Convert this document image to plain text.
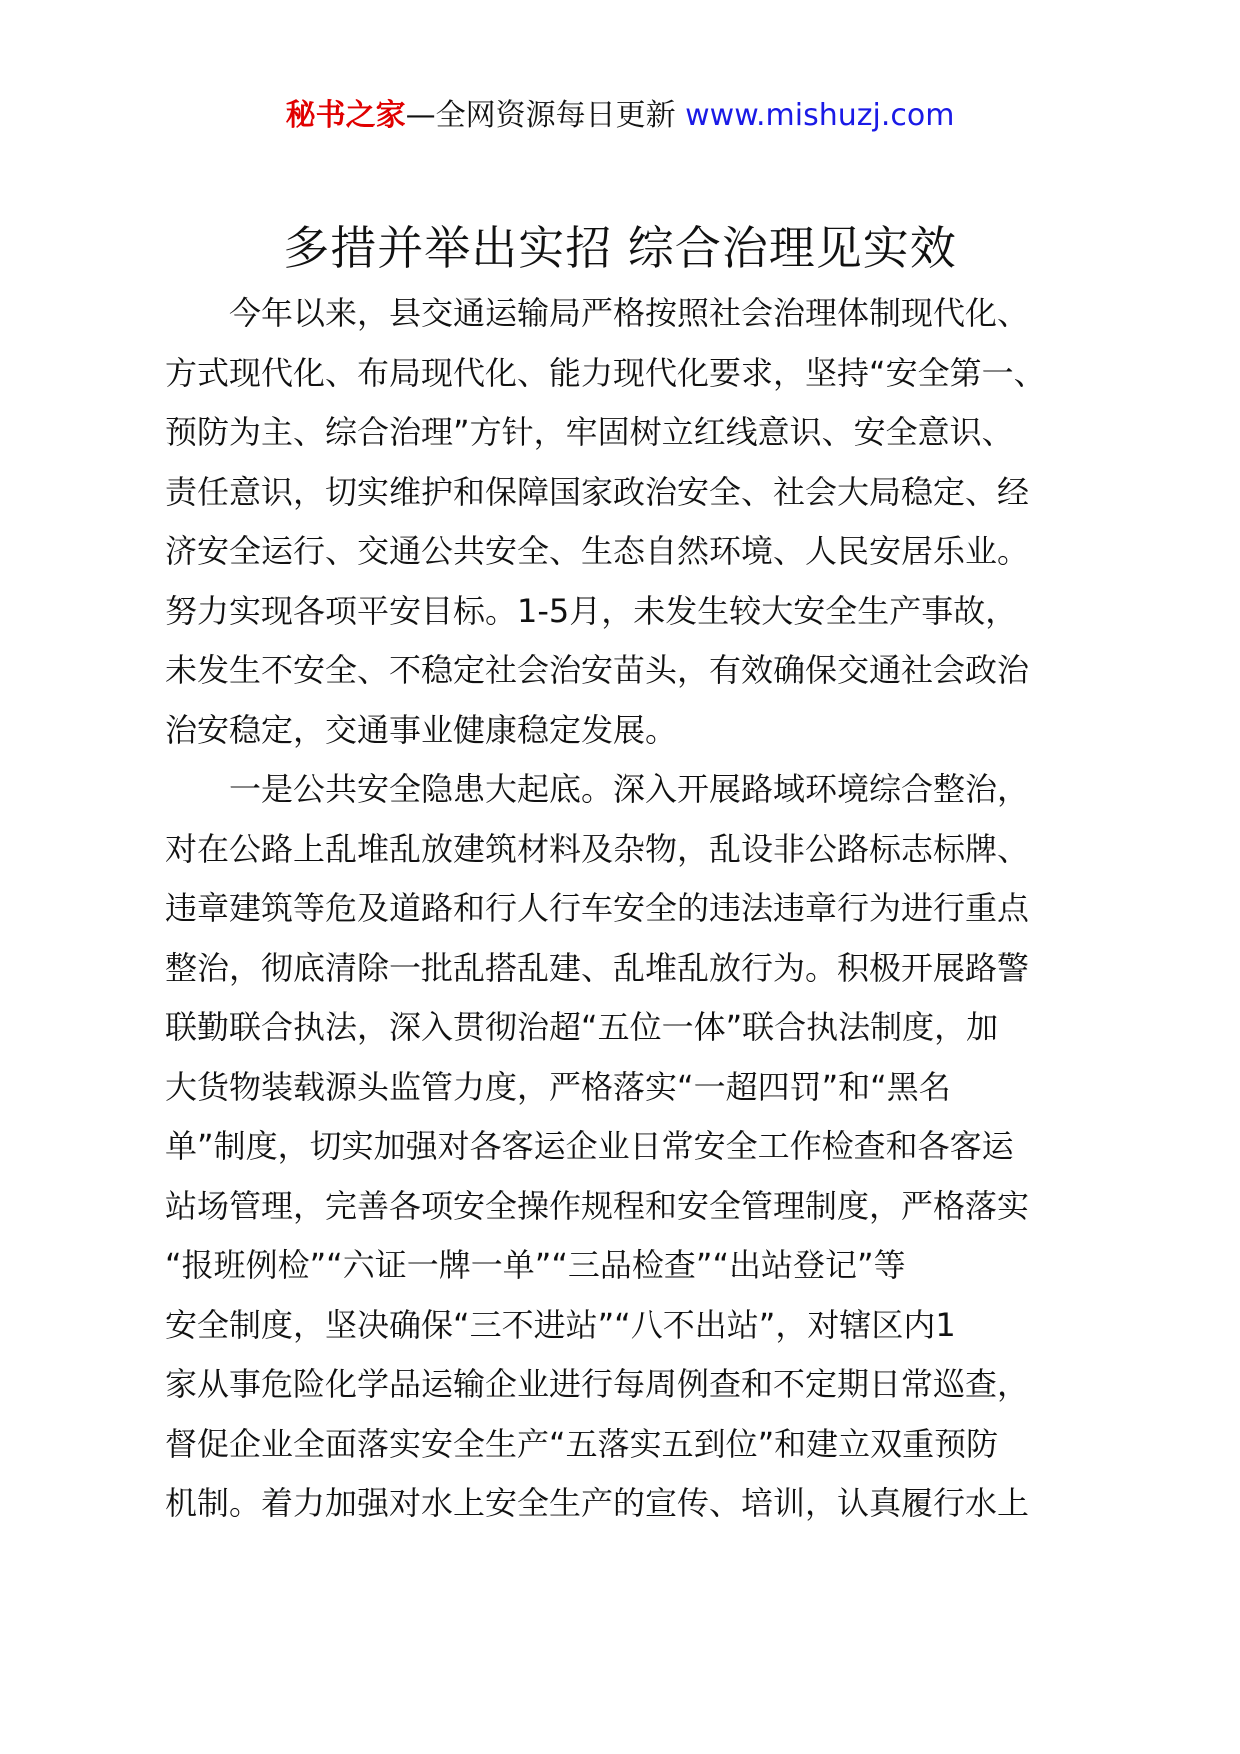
秘书之家—全网资源每日更新 www.mishuzj.com
多措并举出实招 综合治理见实效
今年以来，县交通运输局严格按照社会治理体制现代化、
方式现代化、布局现代化、能力现代化要求，坚持“安全第一、
预防为主、综合治理”方针，牢固树立红线意识、安全意识、
责任意识，切实维护和保障国家政治安全、社会大局稳定、经
济安全运行、交通公共安全、生态自然环境、人民安居乐业。
努力实现各项平安目标。1-5月，未发生较大安全生产事故，
未发生不安全、不稳定社会治安苗头，有效确保交通社会政治
治安稳定，交通事业健康稳定发展。
一是公共安全隐患大起底。深入开展路域环境综合整治，
对在公路上乱堆乱放建筑材料及杂物，乱设非公路标志标牌、
违章建筑等危及道路和行人行车安全的违法违章行为进行重点
整治，彻底清除一批乱搭乱建、乱堆乱放行为。积极开展路警
联勤联合执法，深入贯彻治超“五位一体”联合执法制度，加
大货物装载源头监管力度，严格落实“一超四罚”和“黑名
单”制度，切实加强对各客运企业日常安全工作检查和各客运
站场管理，完善各项安全操作规程和安全管理制度，严格落实
“报班例检”“六证一牌一单”“三品检查”“出站登记”等
安全制度，坚决确保“三不进站”“八不出站”，对辖区内1
家从事危险化学品运输企业进行每周例查和不定期日常巡查，
督促企业全面落实安全生产“五落实五到位”和建立双重预防
机制。着力加强对水上安全生产的宣传、培训，认真履行水上
